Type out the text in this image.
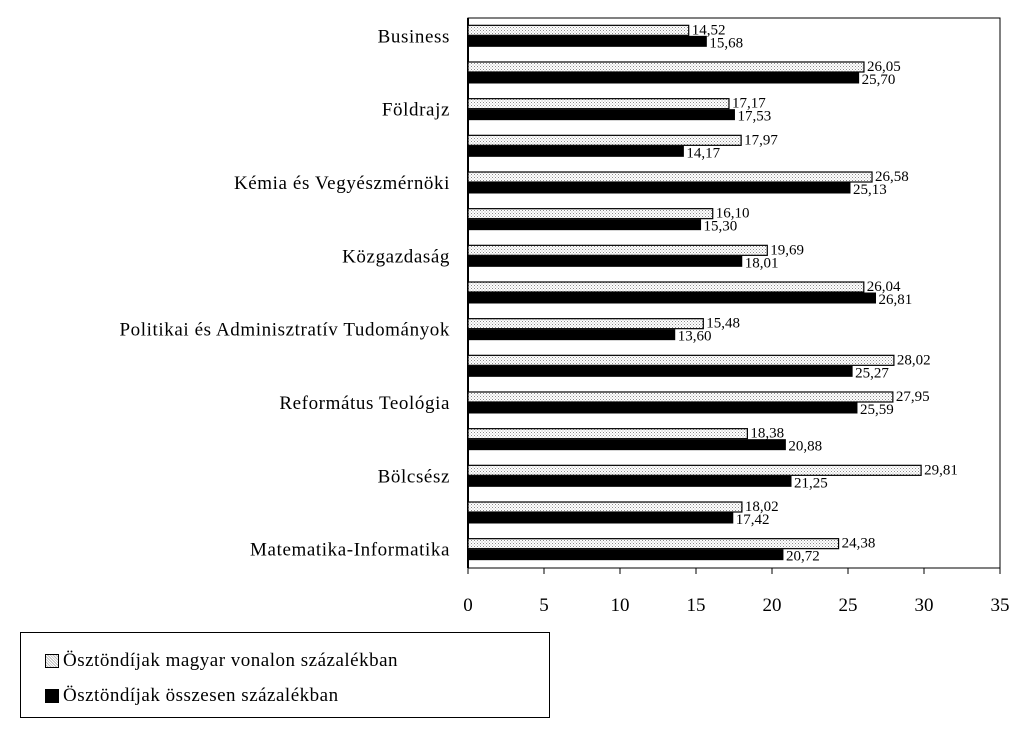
14,52
15,68
26,05
25,70
17,17
17,53
17,97
14,17
26,58
25,13
16,10
15,30
19,69
18,01
26,04
26,81
15,48
13,60
28,02
25,27
27,95
25,59
18,38
20,88
29,81
21,25
18,02
17,42
24,38
20,72
Business
Földrajz
Kémia és Vegyészmérnöki
Közgazdaság
Politikai és Adminisztratív Tudományok
Református Teológia
Bölcsész
Matematika-Informatika
0	5	10	15	20	25	30	35
Ösztöndíjak magyar vonalon százalékban
Ösztöndíjak összesen százalékban
